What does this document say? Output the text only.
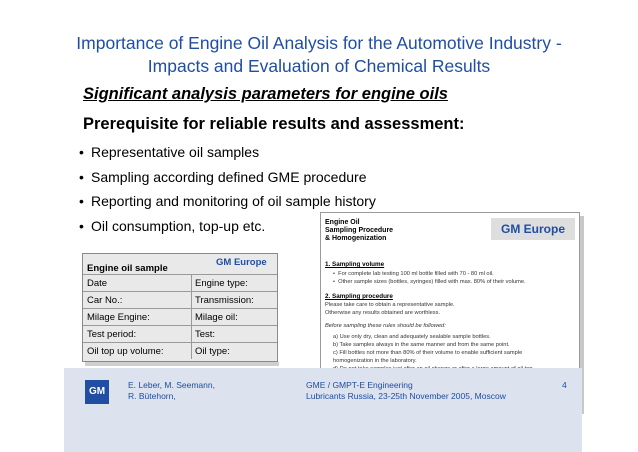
Importance of Engine Oil Analysis for the Automotive Industry -
Impacts and Evaluation of Chemical Results
Significant analysis parameters for engine oils
Prerequisite for reliable results and assessment:
• Representative oil samples
• Sampling according defined GME procedure
• Reporting and monitoring of oil sample history
• Oil consumption, top-up etc.
Engine oil sample
GM Europe
Date	Engine type:
Car No.:	Transmission:
Milage Engine:	Milage oil:
Test period:	Test:
Oil top up volume:	Oil type:
Engine Oil
Sampling Procedure
& Homogenization
GM Europe
1. Sampling volume
•  For complete lab testing 100 ml bottle filled with 70 - 80 ml oil.
•  Other sample sizes (bottles, syringes) filled with max. 80% of their volume.
2. Sampling procedure
Please take care to obtain a representative sample.
Otherwise any results obtained are worthless.
Before sampling these rules should be followed:
a) Use only dry, clean and adequately sealable sample bottles.
b) Take samples always in the same manner and from the same point.
c) Fill bottles not more than 80% of their volume to enable sufficient sample
homogenization in the laboratory.
GM
E. Leber, M. Seemann,
R. Bütehorn,
GME / GMPT-E Engineering
Lubricants Russia, 23-25th November 2005, Moscow
4
